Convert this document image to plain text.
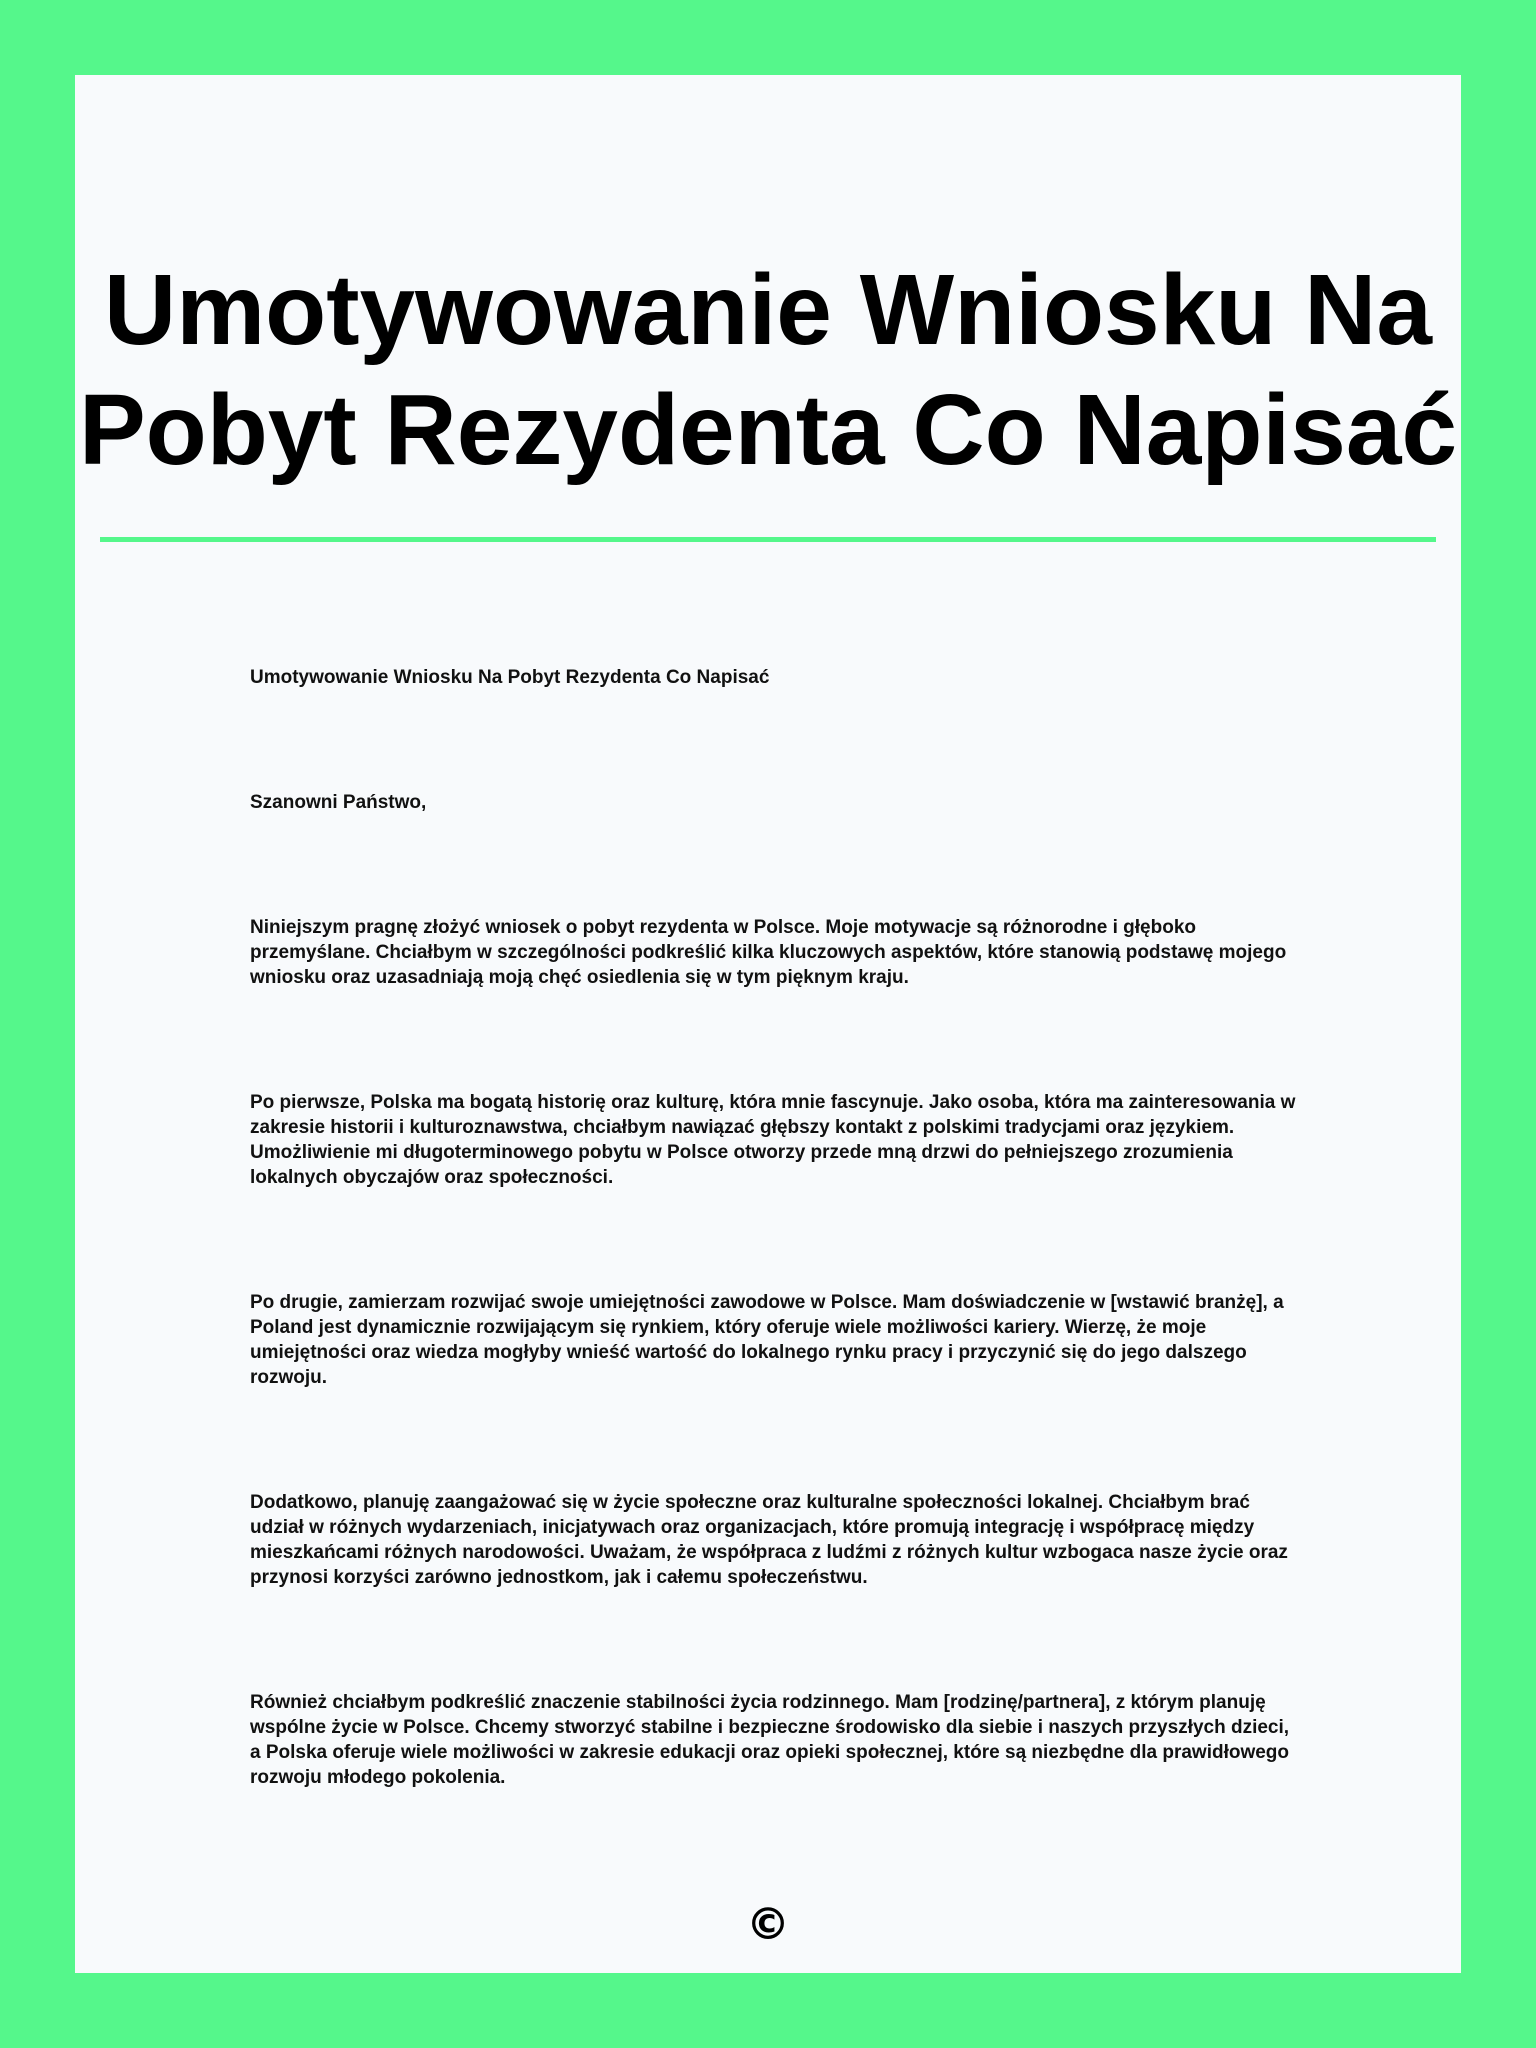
Umotywowanie Wniosku Na Pobyt Rezydenta Co Napisać

Umotywowanie Wniosku Na Pobyt Rezydenta Co Napisać

Szanowni Państwo,

Niniejszym pragnę złożyć wniosek o pobyt rezydenta w Polsce. Moje motywacje są różnorodne i głęboko przemyślane. Chciałbym w szczególności podkreślić kilka kluczowych aspektów, które stanowią podstawę mojego wniosku oraz uzasadniają moją chęć osiedlenia się w tym pięknym kraju.

Po pierwsze, Polska ma bogatą historię oraz kulturę, która mnie fascynuje. Jako osoba, która ma zainteresowania w zakresie historii i kulturoznawstwa, chciałbym nawiązać głębszy kontakt z polskimi tradycjami oraz językiem. Umożliwienie mi długoterminowego pobytu w Polsce otworzy przede mną drzwi do pełniejszego zrozumienia lokalnych obyczajów oraz społeczności.

Po drugie, zamierzam rozwijać swoje umiejętności zawodowe w Polsce. Mam doświadczenie w [wstawić branżę], a Poland jest dynamicznie rozwijającym się rynkiem, który oferuje wiele możliwości kariery. Wierzę, że moje umiejętności oraz wiedza mogłyby wnieść wartość do lokalnego rynku pracy i przyczynić się do jego dalszego rozwoju.

Dodatkowo, planuję zaangażować się w życie społeczne oraz kulturalne społeczności lokalnej. Chciałbym brać udział w różnych wydarzeniach, inicjatywach oraz organizacjach, które promują integrację i współpracę między mieszkańcami różnych narodowości. Uważam, że współpraca z ludźmi z różnych kultur wzbogaca nasze życie oraz przynosi korzyści zarówno jednostkom, jak i całemu społeczeństwu.

Również chciałbym podkreślić znaczenie stabilności życia rodzinnego. Mam [rodzinę/partnera], z którym planuję wspólne życie w Polsce. Chcemy stworzyć stabilne i bezpieczne środowisko dla siebie i naszych przyszłych dzieci, a Polska oferuje wiele możliwości w zakresie edukacji oraz opieki społecznej, które są niezbędne dla prawidłowego rozwoju młodego pokolenia.

©
